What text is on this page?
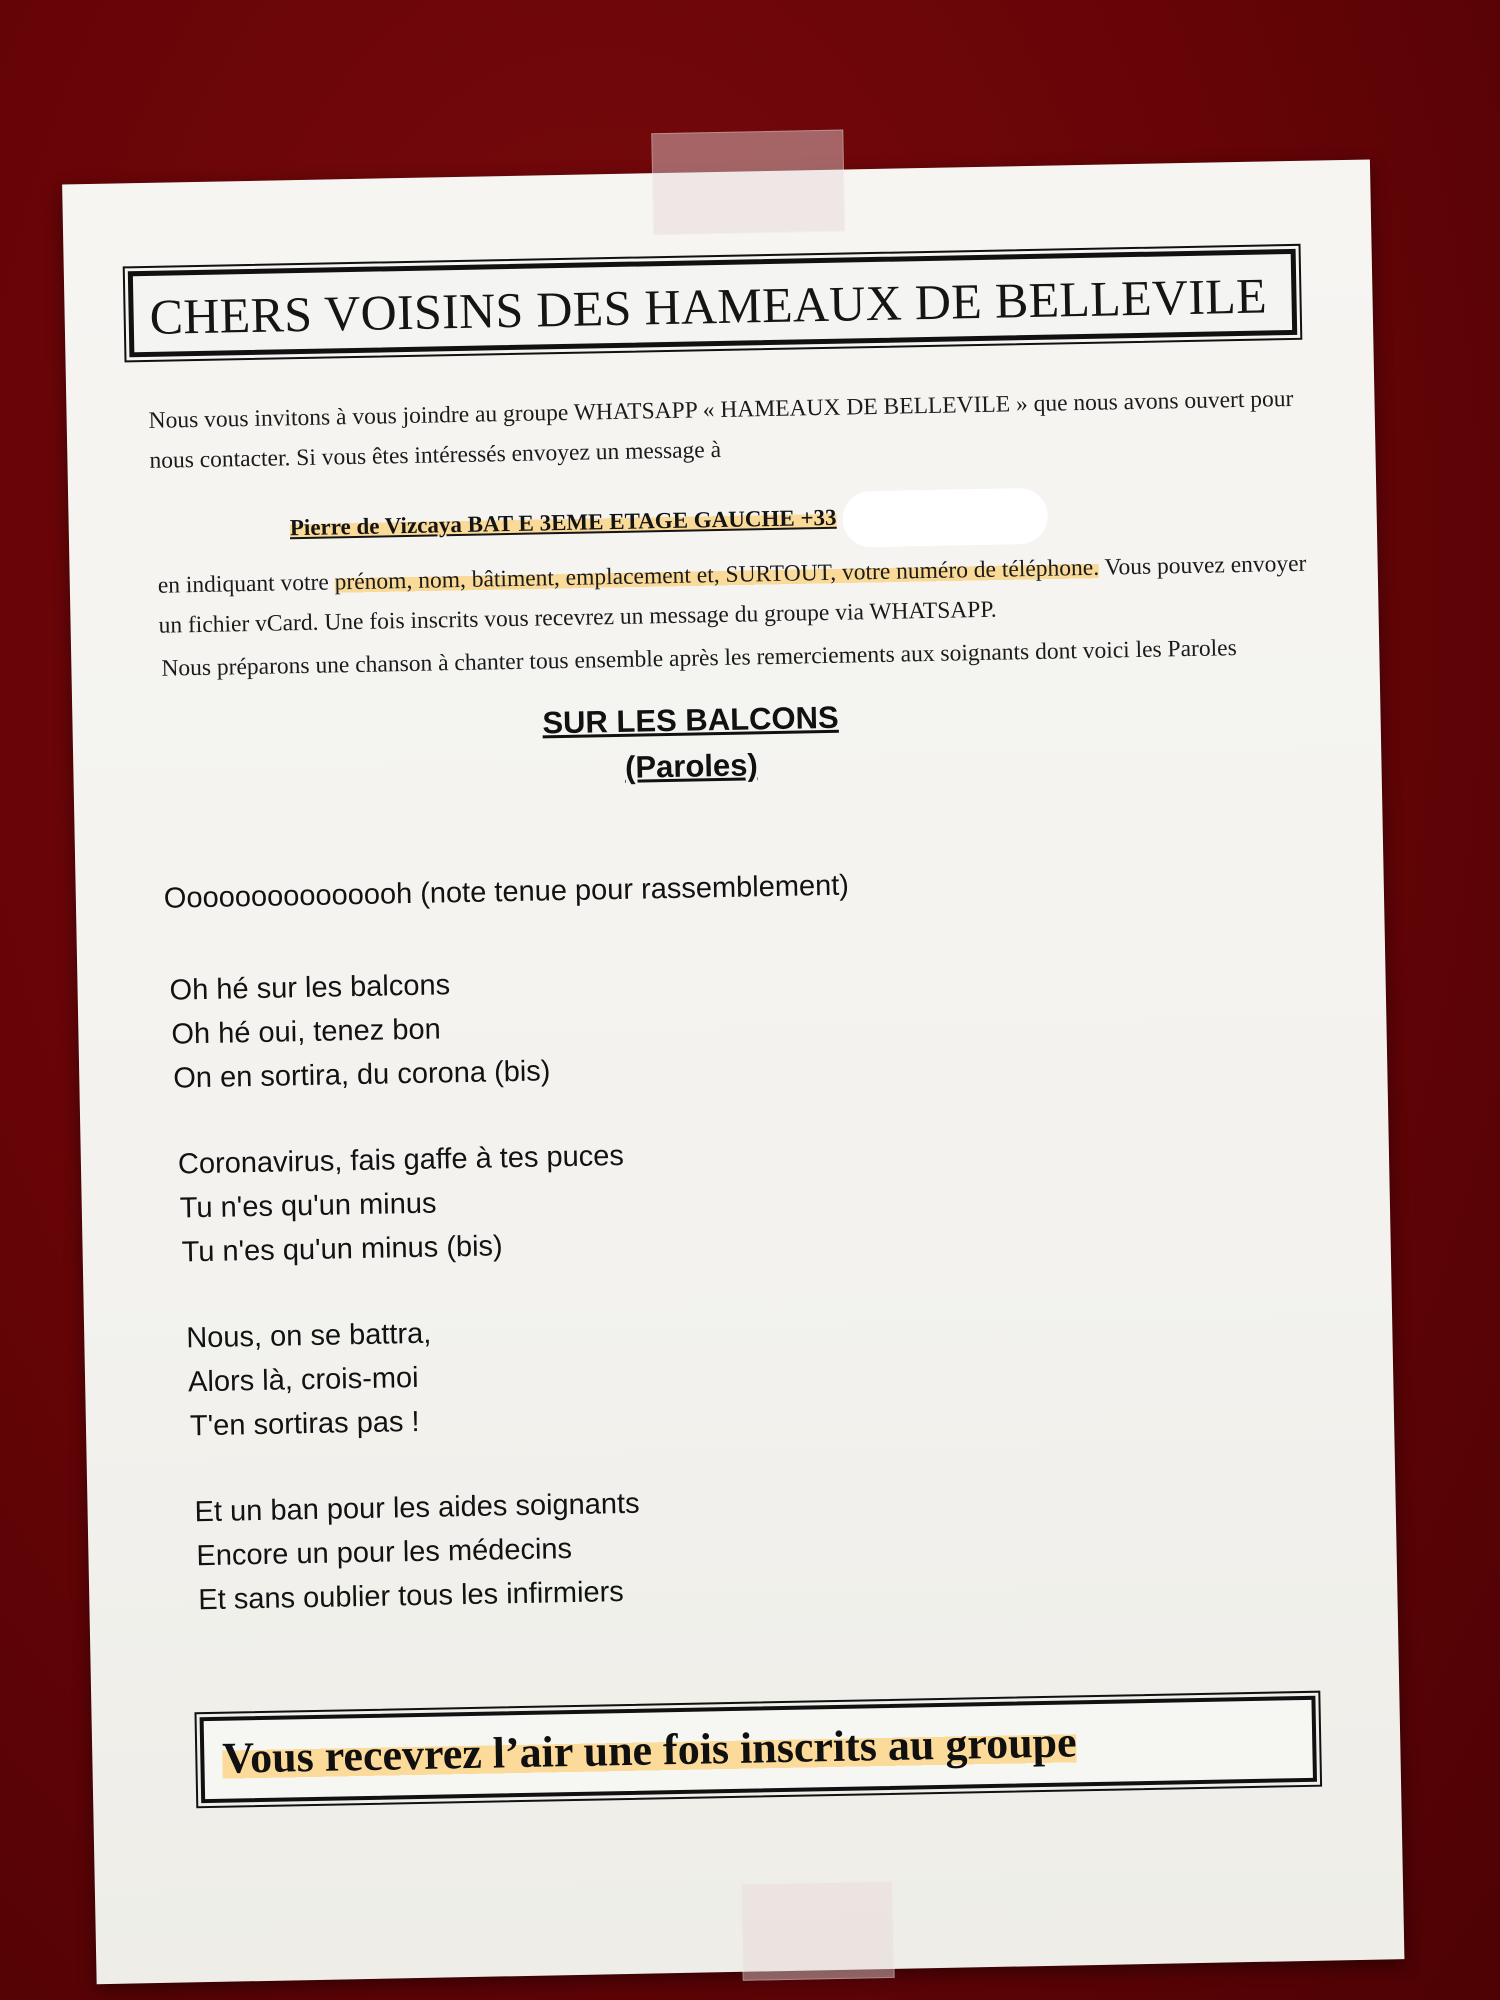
CHERS VOISINS DES HAMEAUX DE BELLEVILE
Nous vous invitons à vous joindre au groupe WHATSAPP « HAMEAUX DE BELLEVILE » que nous avons ouvert pour nous contacter. Si vous êtes intéressés envoyez un message à
Pierre de Vizcaya BAT E 3EME ETAGE GAUCHE +33
en indiquant votre prénom, nom, bâtiment, emplacement et, SURTOUT, votre numéro de téléphone. Vous pouvez envoyer un fichier vCard. Une fois inscrits vous recevrez un message du groupe via WHATSAPP.
Nous préparons une chanson à chanter tous ensemble après les remerciements aux soignants dont voici les Paroles
SUR LES BALCONS
(Paroles)
Ooooooooooooooh (note tenue pour rassemblement)
Oh hé sur les balcons
Oh hé oui, tenez bon
On en sortira, du corona (bis)
Coronavirus, fais gaffe à tes puces
Tu n'es qu'un minus
Tu n'es qu'un minus (bis)
Nous, on se battra,
Alors là, crois-moi
T'en sortiras pas !
Et un ban pour les aides soignants
Encore un pour les médecins
Et sans oublier tous les infirmiers
Vous recevrez l’air une fois inscrits au groupe
